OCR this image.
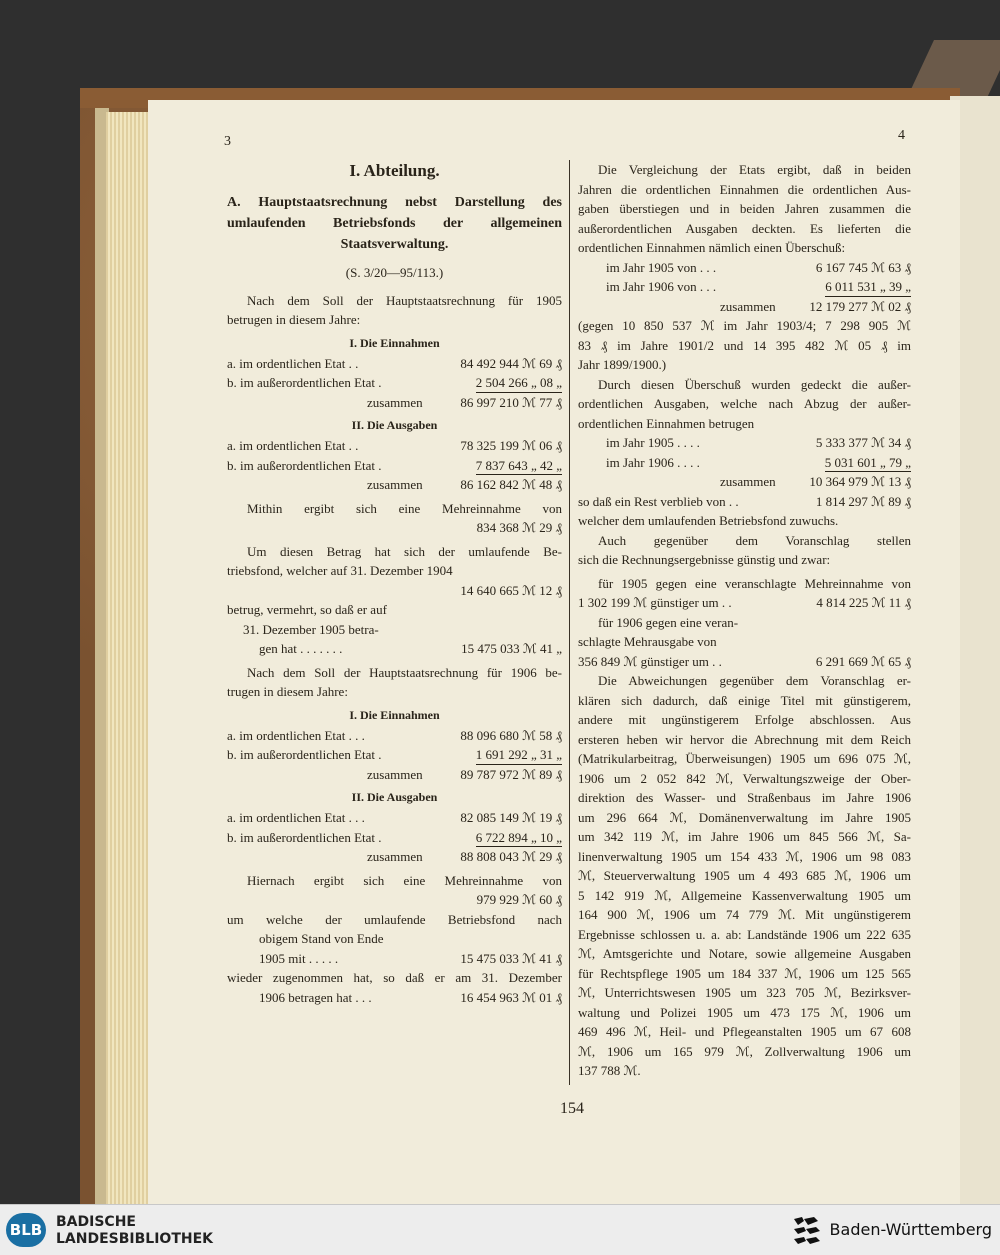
3	4
154
I. Abteilung.
A. Hauptstaatsrechnung nebst Darstellung des umlaufenden Betriebsfonds der allgemeinen Staatsverwaltung.
(S. 3/20—95/113.)
Nach dem Soll der Hauptstaatsrechnung für 1905
betrugen in diesem Jahre:
I. Die Einnahmen
a. im ordentlichen Etat . .	84 492 944 ℳ 69 ₰
b. im außerordentlichen Etat .	2 504 266 „ 08 „
zusammen	86 997 210 ℳ 77 ₰
II. Die Ausgaben
a. im ordentlichen Etat . .	78 325 199 ℳ 06 ₰
b. im außerordentlichen Etat .	7 837 643 „ 42 „
zusammen	86 162 842 ℳ 48 ₰
Mithin ergibt sich eine Mehreinnahme von
834 368 ℳ 29 ₰
Um diesen Betrag hat sich der umlaufende Be-
triebsfond, welcher auf 31. Dezember 1904
14 640 665 ℳ 12 ₰
betrug, vermehrt, so daß er auf
31. Dezember 1905 betra-
gen hat . . . . . . .	15 475 033 ℳ 41 „
Nach dem Soll der Hauptstaatsrechnung für 1906 be-
trugen in diesem Jahre:
I. Die Einnahmen
a. im ordentlichen Etat . . .	88 096 680 ℳ 58 ₰
b. im außerordentlichen Etat .	1 691 292 „ 31 „
zusammen	89 787 972 ℳ 89 ₰
II. Die Ausgaben
a. im ordentlichen Etat . . .	82 085 149 ℳ 19 ₰
b. im außerordentlichen Etat .	6 722 894 „ 10 „
zusammen	88 808 043 ℳ 29 ₰
Hiernach ergibt sich eine Mehreinnahme von
979 929 ℳ 60 ₰
um welche der umlaufende Betriebsfond nach
obigem Stand von Ende
1905 mit . . . . .	15 475 033 ℳ 41 ₰
wieder zugenommen hat, so daß er am 31. Dezember
1906 betragen hat . . .	16 454 963 ℳ 01 ₰
Die Vergleichung der Etats ergibt, daß in beiden
Jahren die ordentlichen Einnahmen die ordentlichen Aus-
gaben überstiegen und in beiden Jahren zusammen die
außerordentlichen Ausgaben deckten. Es lieferten die
ordentlichen Einnahmen nämlich einen Überschuß:
im Jahr 1905 von . . .	6 167 745 ℳ 63 ₰
im Jahr 1906 von . . .	6 011 531 „ 39 „
zusammen	12 179 277 ℳ 02 ₰
(gegen 10 850 537 ℳ im Jahr 1903/4; 7 298 905 ℳ
83 ₰ im Jahre 1901/2 und 14 395 482 ℳ 05 ₰ im
Jahr 1899/1900.)
Durch diesen Überschuß wurden gedeckt die außer-
ordentlichen Ausgaben, welche nach Abzug der außer-
ordentlichen Einnahmen betrugen
im Jahr 1905 . . . .	5 333 377 ℳ 34 ₰
im Jahr 1906 . . . .	5 031 601 „ 79 „
zusammen	10 364 979 ℳ 13 ₰
so daß ein Rest verblieb von . .	1 814 297 ℳ 89 ₰
welcher dem umlaufenden Betriebsfond zuwuchs.
Auch gegenüber dem Voranschlag stellen
sich die Rechnungsergebnisse günstig und zwar:
für 1905 gegen eine veranschlagte Mehreinnahme von
1 302 199 ℳ günstiger um . .	4 814 225 ℳ 11 ₰
für 1906 gegen eine veran-
schlagte Mehrausgabe von
356 849 ℳ günstiger um . .	6 291 669 ℳ 65 ₰
Die Abweichungen gegenüber dem Voranschlag er-
klären sich dadurch, daß einige Titel mit günstigerem,
andere mit ungünstigerem Erfolge abschlossen. Aus
ersteren heben wir hervor die Abrechnung mit dem Reich
(Matrikularbeitrag, Überweisungen) 1905 um 696 075 ℳ,
1906 um 2 052 842 ℳ, Verwaltungszweige der Ober-
direktion des Wasser- und Straßenbaus im Jahre 1906
um 296 664 ℳ, Domänenverwaltung im Jahre 1905
um 342 119 ℳ, im Jahre 1906 um 845 566 ℳ, Sa-
linenverwaltung 1905 um 154 433 ℳ, 1906 um 98 083
ℳ, Steuerverwaltung 1905 um 4 493 685 ℳ, 1906 um
5 142 919 ℳ, Allgemeine Kassenverwaltung 1905 um
164 900 ℳ, 1906 um 74 779 ℳ. Mit ungünstigerem
Ergebnisse schlossen u. a. ab: Landstände 1906 um 222 635
ℳ, Amtsgerichte und Notare, sowie allgemeine Ausgaben
für Rechtspflege 1905 um 184 337 ℳ, 1906 um 125 565
ℳ, Unterrichtswesen 1905 um 323 705 ℳ, Bezirksver-
waltung und Polizei 1905 um 473 175 ℳ, 1906 um
469 496 ℳ, Heil- und Pflegeanstalten 1905 um 67 608
ℳ, 1906 um 165 979 ℳ, Zollverwaltung 1906 um
137 788 ℳ.
BLB BADISCHE
LANDESBIBLIOTHEK	Baden-Württemberg
